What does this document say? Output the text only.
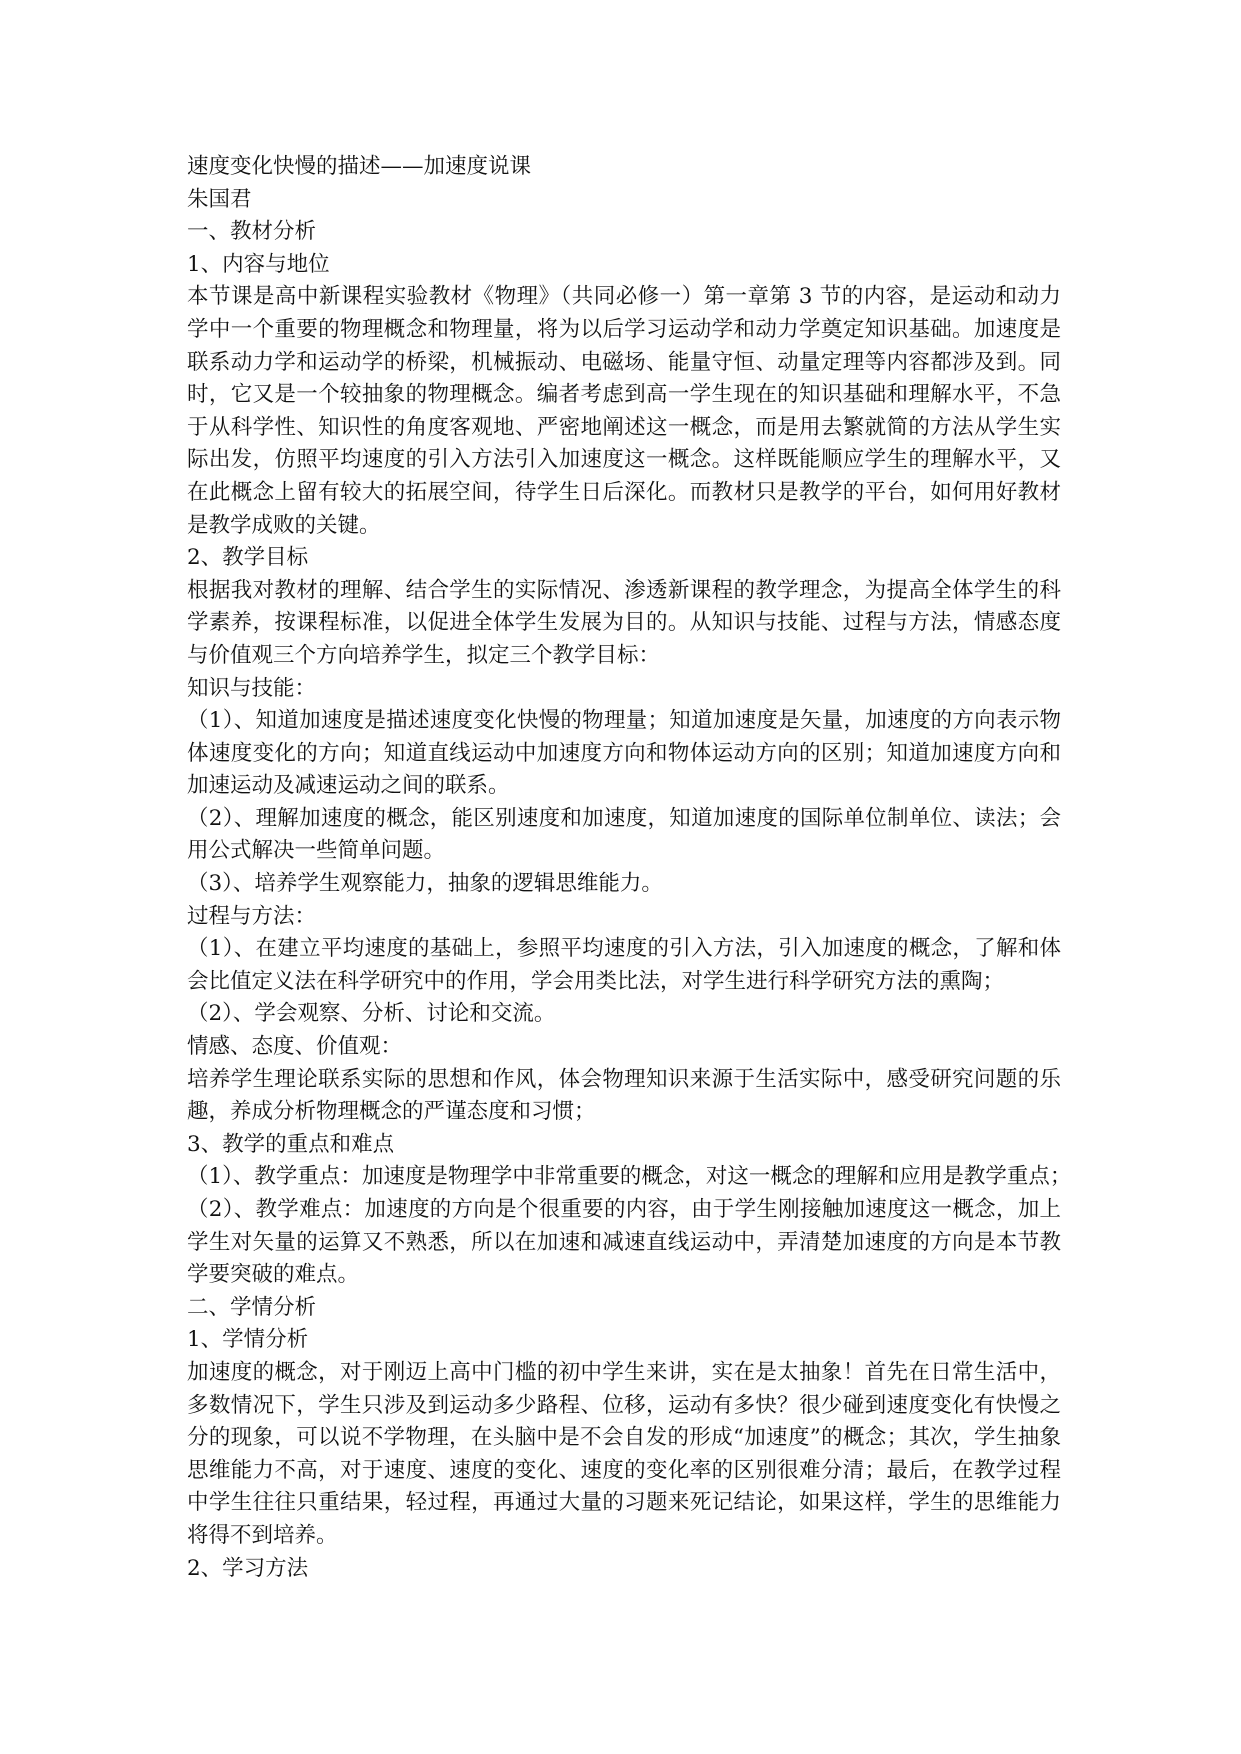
速度变化快慢的描述——加速度说课
朱国君
一、教材分析
1、内容与地位
本节课是高中新课程实验教材《物理》（共同必修一）第一章第 3 节的内容，是运动和动力
学中一个重要的物理概念和物理量，将为以后学习运动学和动力学奠定知识基础。加速度是
联系动力学和运动学的桥梁，机械振动、电磁场、能量守恒、动量定理等内容都涉及到。同
时，它又是一个较抽象的物理概念。编者考虑到高一学生现在的知识基础和理解水平，不急
于从科学性、知识性的角度客观地、严密地阐述这一概念，而是用去繁就简的方法从学生实
际出发，仿照平均速度的引入方法引入加速度这一概念。这样既能顺应学生的理解水平，又
在此概念上留有较大的拓展空间，待学生日后深化。而教材只是教学的平台，如何用好教材
是教学成败的关键。
2、教学目标
根据我对教材的理解、结合学生的实际情况、渗透新课程的教学理念，为提高全体学生的科
学素养，按课程标准，以促进全体学生发展为目的。从知识与技能、过程与方法，情感态度
与价值观三个方向培养学生，拟定三个教学目标：
知识与技能：
（1）、知道加速度是描述速度变化快慢的物理量；知道加速度是矢量，加速度的方向表示物
体速度变化的方向；知道直线运动中加速度方向和物体运动方向的区别；知道加速度方向和
加速运动及减速运动之间的联系。
（2）、理解加速度的概念，能区别速度和加速度，知道加速度的国际单位制单位、读法；会
用公式解决一些简单问题。
（3）、培养学生观察能力，抽象的逻辑思维能力。
过程与方法：
（1）、在建立平均速度的基础上，参照平均速度的引入方法，引入加速度的概念，了解和体
会比值定义法在科学研究中的作用，学会用类比法，对学生进行科学研究方法的熏陶；
（2）、学会观察、分析、讨论和交流。
情感、态度、价值观：
培养学生理论联系实际的思想和作风，体会物理知识来源于生活实际中，感受研究问题的乐
趣，养成分析物理概念的严谨态度和习惯；
3、教学的重点和难点
（1）、教学重点：加速度是物理学中非常重要的概念，对这一概念的理解和应用是教学重点；
（2）、教学难点：加速度的方向是个很重要的内容，由于学生刚接触加速度这一概念，加上
学生对矢量的运算又不熟悉，所以在加速和减速直线运动中，弄清楚加速度的方向是本节教
学要突破的难点。
二、学情分析
1、学情分析
加速度的概念，对于刚迈上高中门槛的初中学生来讲，实在是太抽象！首先在日常生活中，
多数情况下，学生只涉及到运动多少路程、位移，运动有多快？很少碰到速度变化有快慢之
分的现象，可以说不学物理，在头脑中是不会自发的形成“加速度”的概念；其次，学生抽象
思维能力不高，对于速度、速度的变化、速度的变化率的区别很难分清；最后，在教学过程
中学生往往只重结果，轻过程，再通过大量的习题来死记结论，如果这样，学生的思维能力
将得不到培养。
2、学习方法
